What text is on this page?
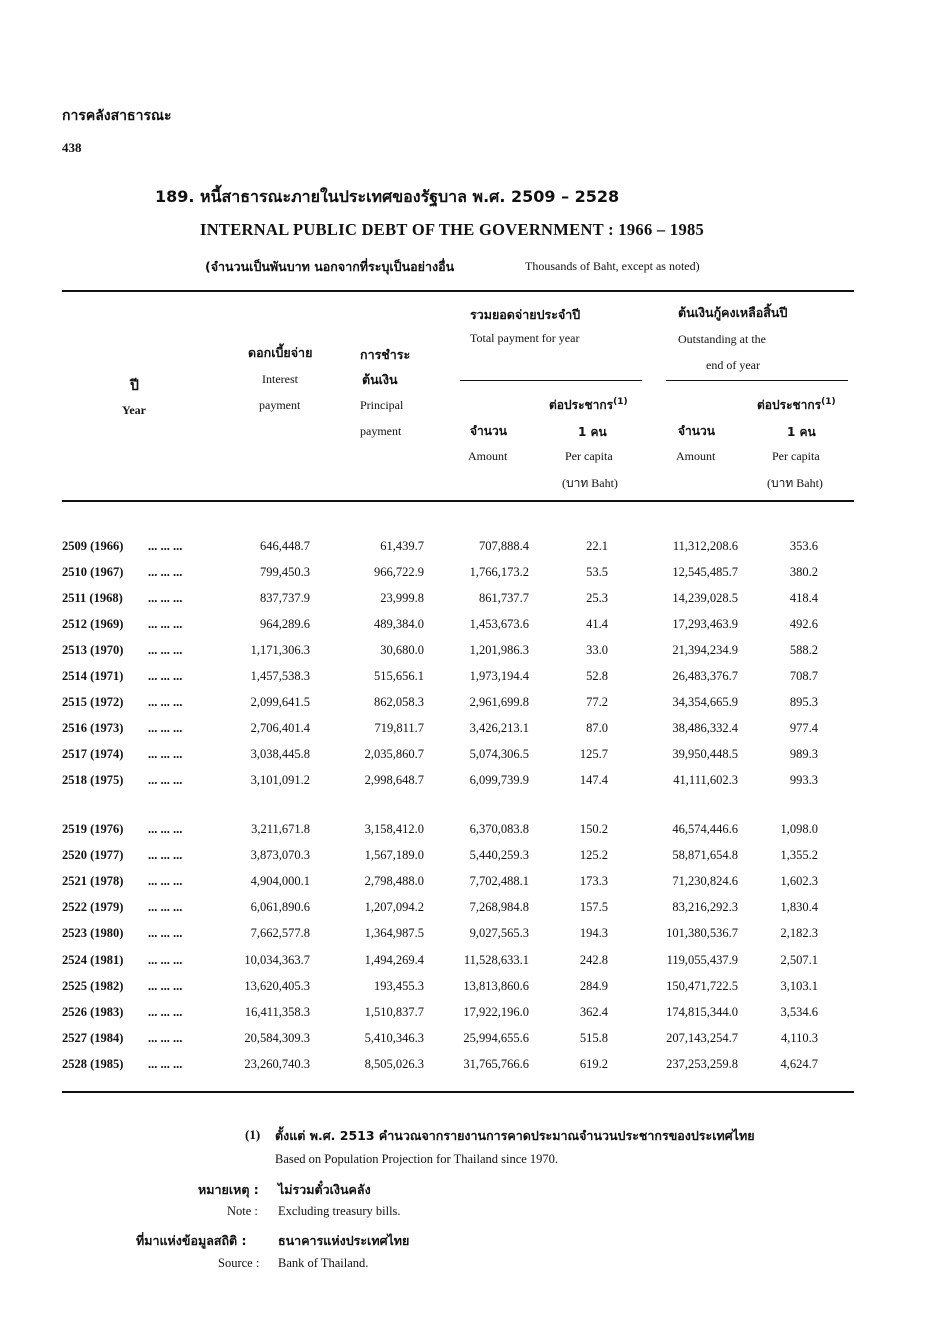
การคลังสาธารณะ
438
189. หนี้สาธารณะภายในประเทศของรัฐบาล พ.ศ. 2509 – 2528
INTERNAL PUBLIC DEBT OF THE GOVERNMENT : 1966 – 1985
(จำนวนเป็นพันบาท นอกจากที่ระบุเป็นอย่างอื่น	Thousands of Baht, except as noted)
ปี
Year
ดอกเบี้ยจ่าย
Interest
payment
การชำระ
ต้นเงิน
Principal
payment
รวมยอดจ่ายประจำปี
Total payment for year
ต้นเงินกู้คงเหลือสิ้นปี
Outstanding at the
end of year
จำนวน
Amount
ต่อประชากร$^{(1)}$
1 คน
Per capita
(บาท Baht)
จำนวน
Amount
ต่อประชากร$^{(1)}$
1 คน
Per capita
(บาท Baht)
2509 (1966)	... ... ...	646,448.7	61,439.7	707,888.4	22.1	11,312,208.6	353.6
2510 (1967)	... ... ...	799,450.3	966,722.9	1,766,173.2	53.5	12,545,485.7	380.2
2511 (1968)	... ... ...	837,737.9	23,999.8	861,737.7	25.3	14,239,028.5	418.4
2512 (1969)	... ... ...	964,289.6	489,384.0	1,453,673.6	41.4	17,293,463.9	492.6
2513 (1970)	... ... ...	1,171,306.3	30,680.0	1,201,986.3	33.0	21,394,234.9	588.2
2514 (1971)	... ... ...	1,457,538.3	515,656.1	1,973,194.4	52.8	26,483,376.7	708.7
2515 (1972)	... ... ...	2,099,641.5	862,058.3	2,961,699.8	77.2	34,354,665.9	895.3
2516 (1973)	... ... ...	2,706,401.4	719,811.7	3,426,213.1	87.0	38,486,332.4	977.4
2517 (1974)	... ... ...	3,038,445.8	2,035,860.7	5,074,306.5	125.7	39,950,448.5	989.3
2518 (1975)	... ... ...	3,101,091.2	2,998,648.7	6,099,739.9	147.4	41,111,602.3	993.3
2519 (1976)	... ... ...	3,211,671.8	3,158,412.0	6,370,083.8	150.2	46,574,446.6	1,098.0
2520 (1977)	... ... ...	3,873,070.3	1,567,189.0	5,440,259.3	125.2	58,871,654.8	1,355.2
2521 (1978)	... ... ...	4,904,000.1	2,798,488.0	7,702,488.1	173.3	71,230,824.6	1,602.3
2522 (1979)	... ... ...	6,061,890.6	1,207,094.2	7,268,984.8	157.5	83,216,292.3	1,830.4
2523 (1980)	... ... ...	7,662,577.8	1,364,987.5	9,027,565.3	194.3	101,380,536.7	2,182.3
2524 (1981)	... ... ...	10,034,363.7	1,494,269.4	11,528,633.1	242.8	119,055,437.9	2,507.1
2525 (1982)	... ... ...	13,620,405.3	193,455.3	13,813,860.6	284.9	150,471,722.5	3,103.1
2526 (1983)	... ... ...	16,411,358.3	1,510,837.7	17,922,196.0	362.4	174,815,344.0	3,534.6
2527 (1984)	... ... ...	20,584,309.3	5,410,346.3	25,994,655.6	515.8	207,143,254.7	4,110.3
2528 (1985)	... ... ...	23,260,740.3	8,505,026.3	31,765,766.6	619.2	237,253,259.8	4,624.7
(1) ตั้งแต่ พ.ศ. 2513 คำนวณจากรายงานการคาดประมาณจำนวนประชากรของประเทศไทย
Based on Population Projection for Thailand since 1970.
หมายเหตุ : ไม่รวมตั๋วเงินคลัง
Note : Excluding treasury bills.
ที่มาแห่งข้อมูลสถิติ :	ธนาคารแห่งประเทศไทย
Source : Bank of Thailand.
